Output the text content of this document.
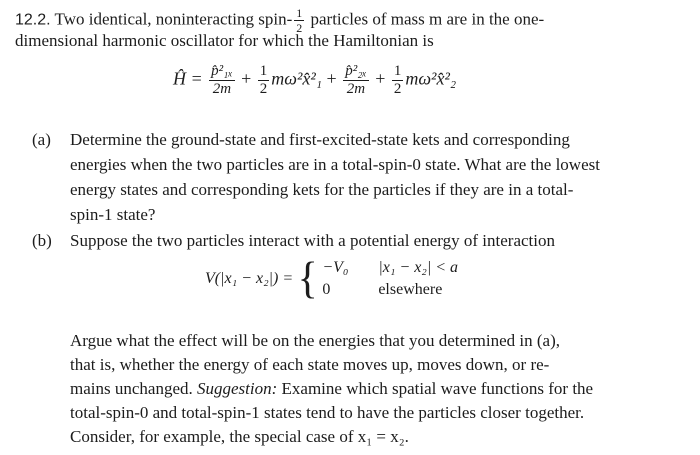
12.2. Two identical, noninteracting spin- $\frac{1}{2}$ particles of mass m are in the one-
dimensional harmonic oscillator for which the Hamiltonian is
Ĥ = $\frac{\text{p̂²₁ₓ}}{2m} + \frac{1}{2}$ mω²x̂²₁ + $\frac{\text{p̂²₂ₓ}}{2m} + \frac{1}{2}$ mω²x̂²₂
(a) Determine the ground-state and first-excited-state kets and corresponding
energies when the two particles are in a total-spin-0 state. What are the lowest
energy states and corresponding kets for the particles if they are in a total-
spin-1 state?
(b) Suppose the two particles interact with a potential energy of interaction
V(|x₁ − x₂|) = { −V₀ |x₁ − x₂| < a
0	elsewhere
Argue what the effect will be on the energies that you determined in (a),
that is, whether the energy of each state moves up, moves down, or re-
mains unchanged. Suggestion: Examine which spatial wave functions for the
total-spin-0 and total-spin-1 states tend to have the particles closer together.
Consider, for example, the special case of x₁ = x₂.
